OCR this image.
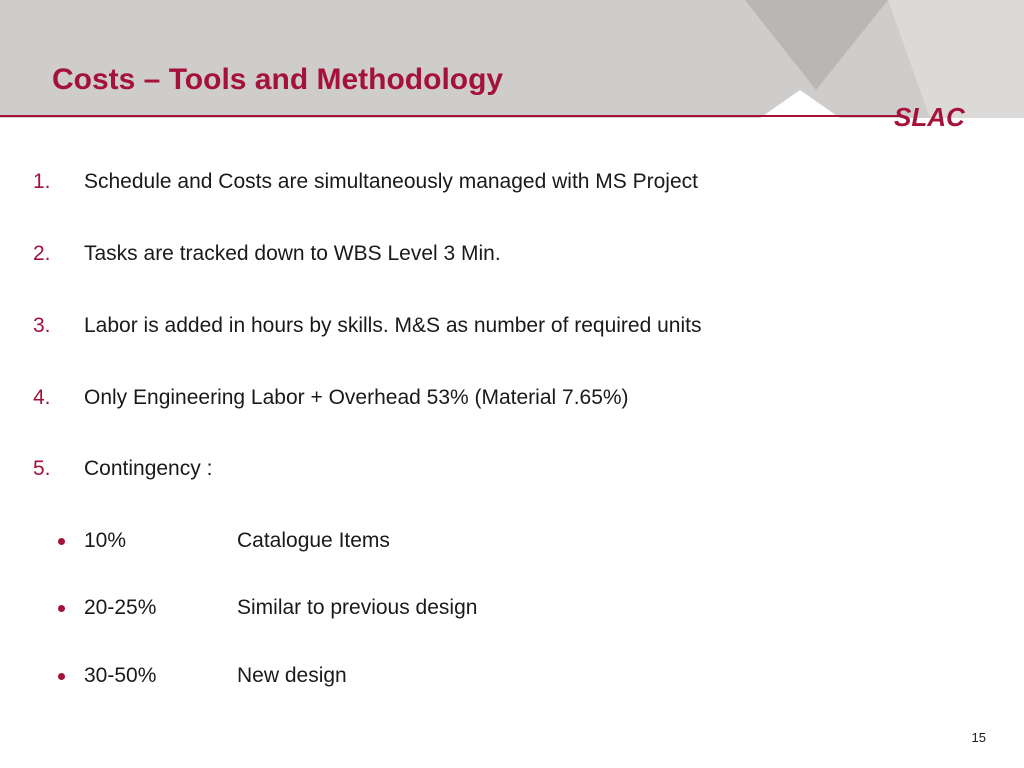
Costs – Tools and Methodology
SLAC
1. Schedule and Costs are simultaneously managed with MS Project
2. Tasks are tracked down to WBS Level 3 Min.
3. Labor is added in hours by skills. M&S as number of required units
4. Only Engineering Labor + Overhead 53% (Material 7.65%)
5. Contingency :
10%	Catalogue Items
20-25%	Similar to previous design
30-50%	New design
15
